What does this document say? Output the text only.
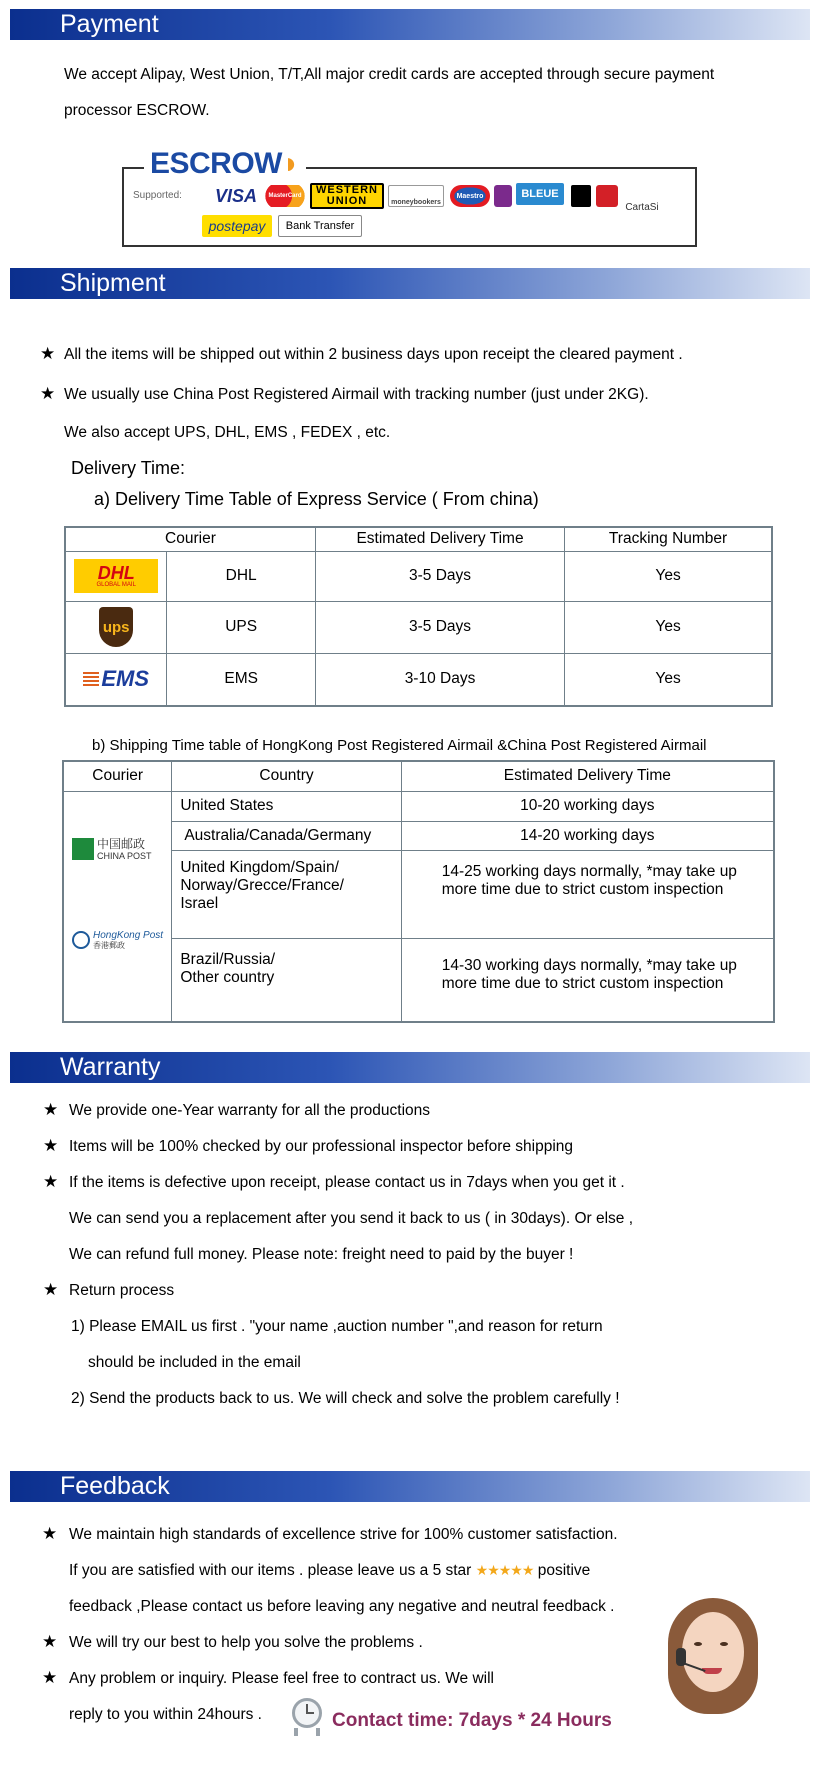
Payment
We accept Alipay, West Union, T/T,All major credit cards are accepted through secure payment
processor ESCROW.
ESCROW◗
Supported: VISA	MasterCard	WESTERN UNION	moneybookers
Maestro	BLEUE
CartaSi
postepay	Bank Transfer
Shipment
★ All the items will be shipped out within 2 business days upon receipt the cleared payment .
★ We usually use China Post Registered Airmail with tracking number (just under 2KG).
We also accept UPS, DHL, EMS , FEDEX , etc.
Delivery Time:
a) Delivery Time Table of Express Service ( From china)
Courier		Estimated Delivery Time	Tracking Number

DHL
GLOBAL MAIL	DHL	3-5 Days	Yes

ups	UPS	3-5 Days	Yes

EMS	EMS	3-10 Days	Yes
b) Shipping Time table of HongKong Post Registered Airmail &China Post Registered Airmail
Courier	Country	Estimated Delivery Time

中国邮政
CHINA POST
HongKong Post
香港郵政	United States	10-20 working days
	Australia/Canada/Germany	14-20 working days

	United Kingdom/Spain/ Norway/Grecce/France/ Israel	14-25 working days normally, *may take up more time due to strict custom inspection

	Brazil/Russia/ Other country	14-30 working days normally, *may take up more time due to strict custom inspection
Warranty
★ We provide one-Year warranty for all the productions
★ Items will be 100% checked by our professional inspector before shipping
★ If the items is defective upon receipt, please contact us in 7days when you get it .
We can send you a replacement after you send it back to us ( in 30days). Or else ,
We can refund full money. Please note: freight need to paid by the buyer !
★ Return process
1) Please EMAIL us first . "your name ,auction number ",and reason for return
should be included in the email
2) Send the products back to us. We will check and solve the problem carefully !
Feedback
★ We maintain high standards of excellence strive for 100% customer satisfaction.
If you are satisfied with our items . please leave us a 5 star ★★★★★ positive
feedback ,Please contact us before leaving any negative and neutral feedback .
★ We will try our best to help you solve the problems .
★ Any problem or inquiry. Please feel free to contract us. We will
reply to you within 24hours .	Contact time: 7days * 24 Hours
